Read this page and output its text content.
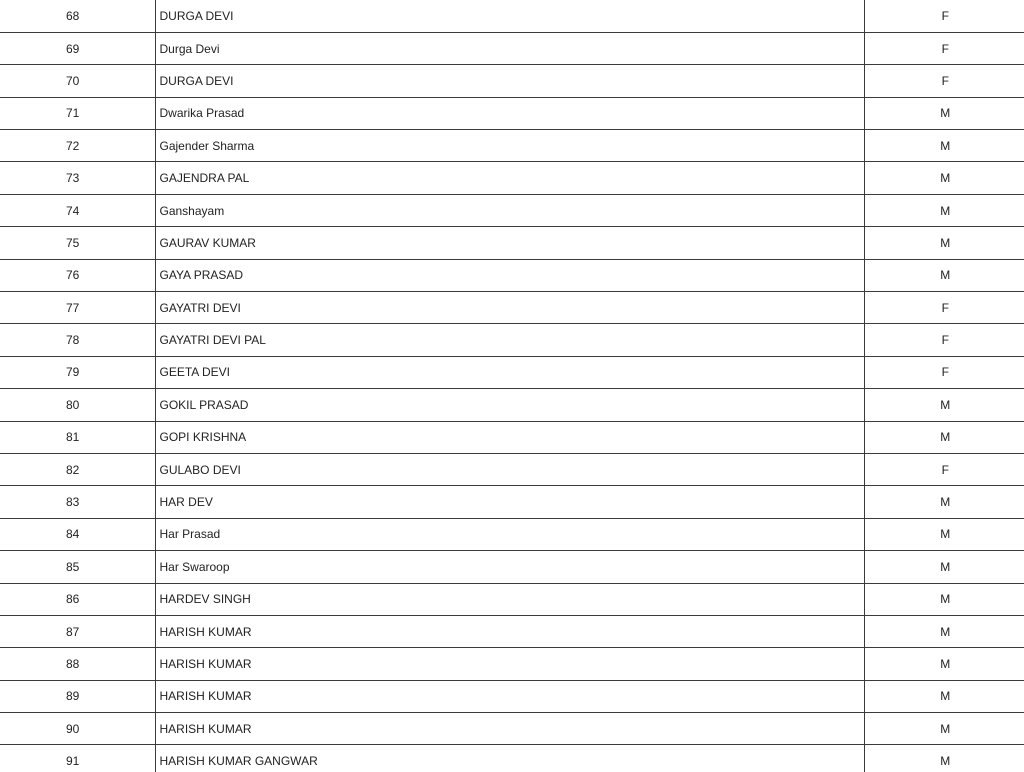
68	DURGA DEVI	F
69	Durga Devi	F
70	DURGA DEVI	F
71	Dwarika Prasad	M
72	Gajender Sharma	M
73	GAJENDRA PAL	M
74	Ganshayam	M
75	GAURAV KUMAR	M
76	GAYA PRASAD	M
77	GAYATRI DEVI	F
78	GAYATRI DEVI PAL	F
79	GEETA DEVI	F
80	GOKIL PRASAD	M
81	GOPI KRISHNA	M
82	GULABO DEVI	F
83	HAR DEV	M
84	Har Prasad	M
85	Har Swaroop	M
86	HARDEV SINGH	M
87	HARISH KUMAR	M
88	HARISH KUMAR	M
89	HARISH KUMAR	M
90	HARISH KUMAR	M
91	HARISH KUMAR GANGWAR	M
